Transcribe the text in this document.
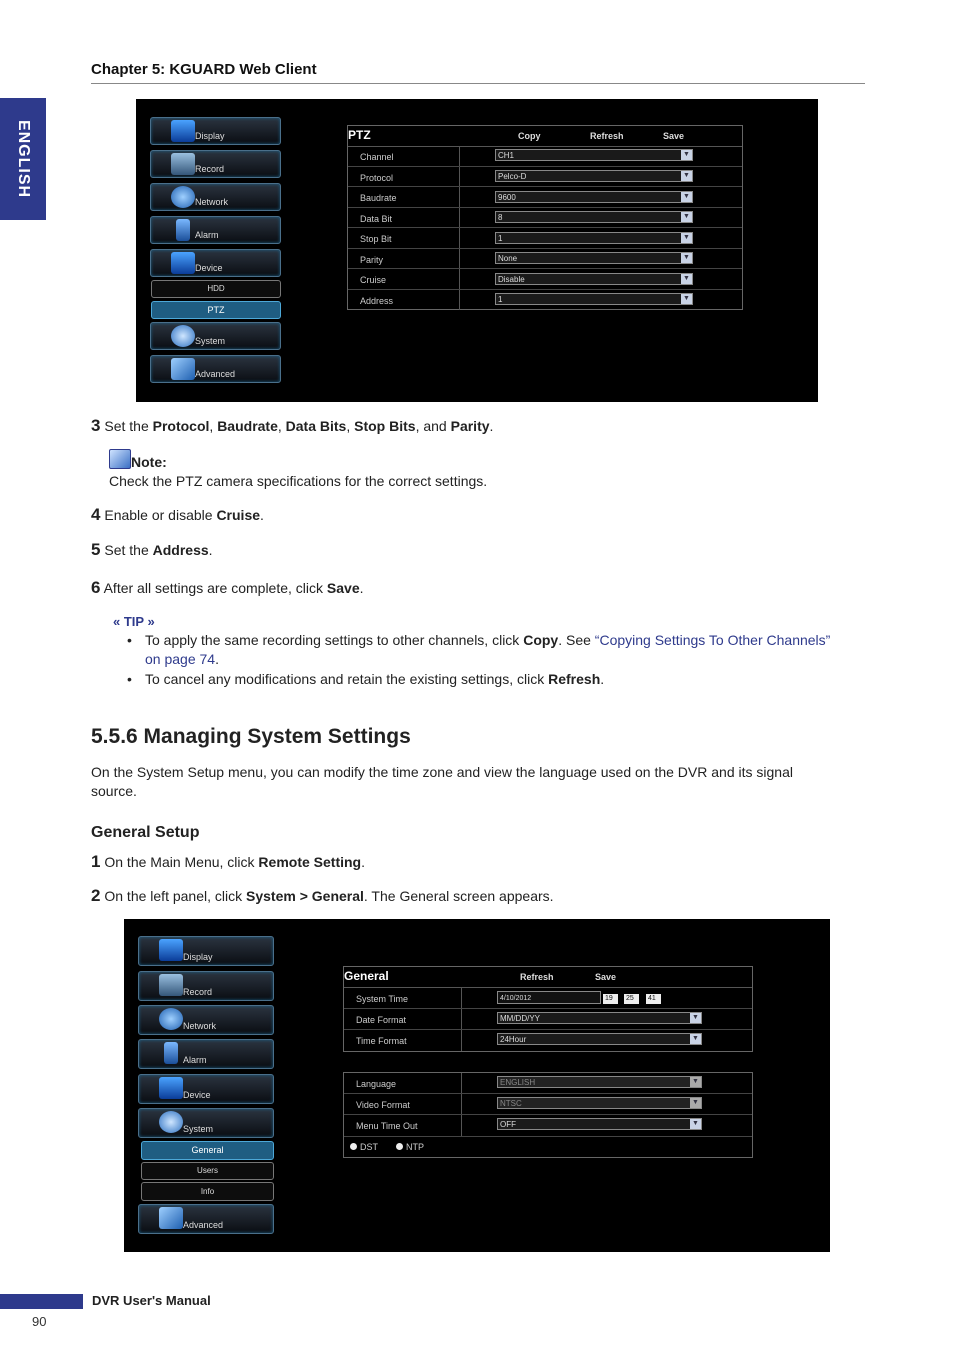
Chapter 5: KGUARD Web Client
ENGLISH	Display
Record
Network
Alarm
Device
HDD
PTZ
System
Advanced
PTZ	Copy	Refresh	Save
Channel	CH1	▼
Protocol	Pelco-D	▼
Baudrate	9600	▼
Data Bit	8	▼
Stop Bit	1	▼
Parity	None	▼
Cruise	Disable	▼
Address	1	▼
3 Set the Protocol, Baudrate, Data Bits, Stop Bits, and Parity.
Note:
Check the PTZ camera specifications for the correct settings.
4 Enable or disable Cruise.
5 Set the Address.
6 After all settings are complete, click Save.
« TIP »
• To apply the same recording settings to other channels, click Copy. See “Copying Settings To Other Channels”
on page 74.
• To cancel any modifications and retain the existing settings, click Refresh.
5.5.6 Managing System Settings
On the System Setup menu, you can modify the time zone and view the language used on the DVR and its signal
source.
General Setup
1 On the Main Menu, click Remote Setting.
2 On the left panel, click System > General. The General screen appears.
Display
Record
Network
Alarm
Device
System
General
Users
Info
Advanced
General	Refresh	Save
System Time	4/10/2012	19	25	41
Date Format	MM/DD/YY	▼
Time Format	24Hour	▼
Language	ENGLISH	▼
Video Format	NTSC	▼
Menu Time Out	OFF	▼
DST	NTP
DVR User's Manual
90
